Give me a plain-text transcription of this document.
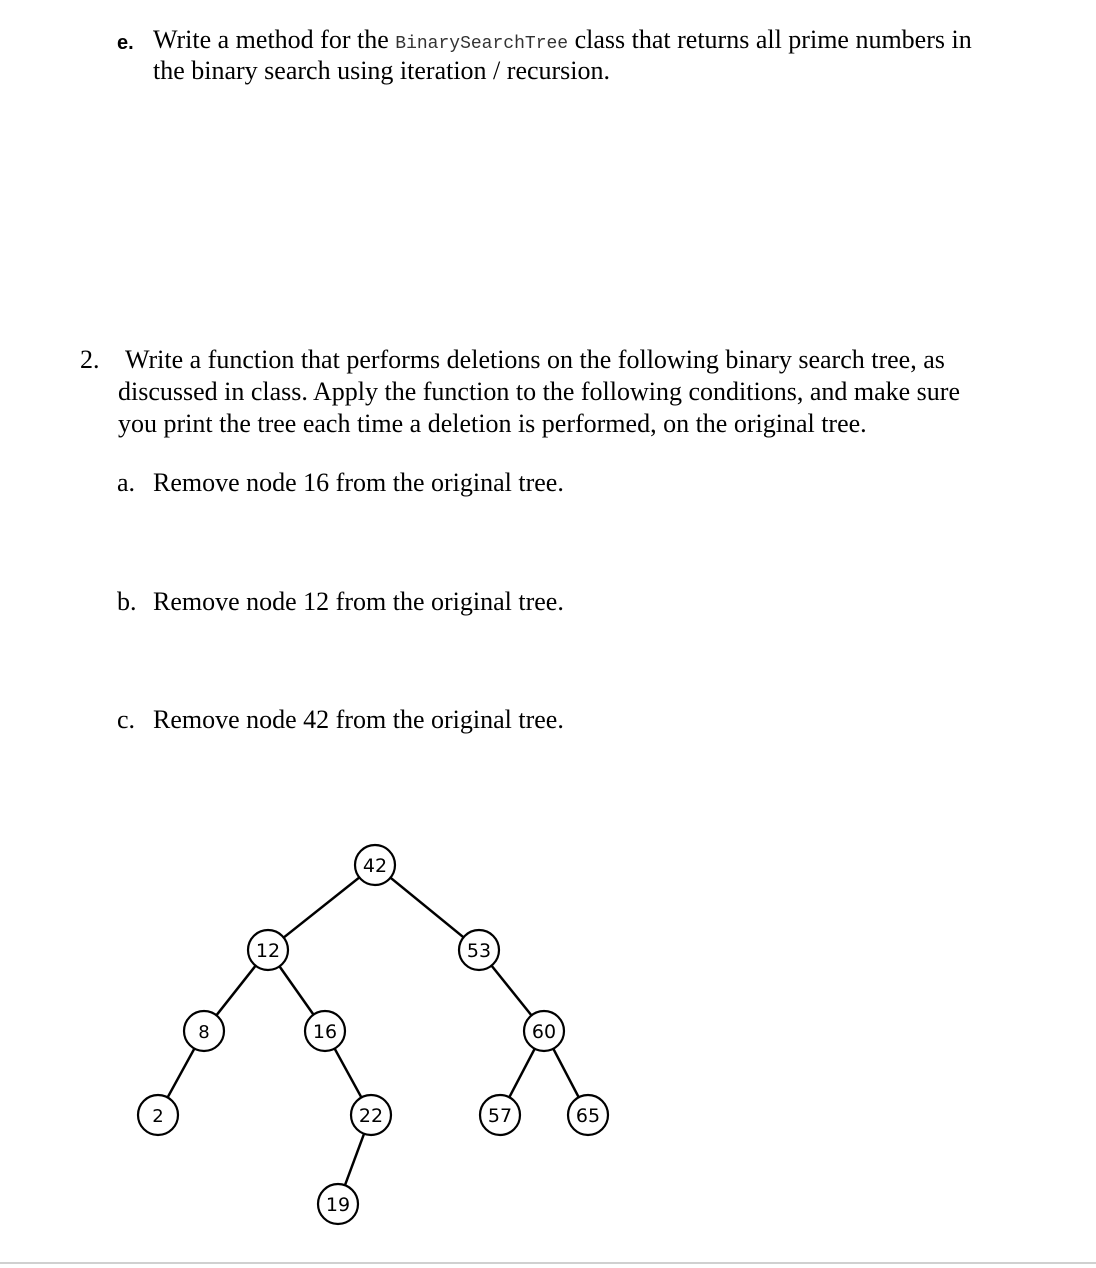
e. Write a method for the BinarySearchTree class that returns all prime numbers in
the binary search using iteration / recursion.
2. Write a function that performs deletions on the following binary search tree, as
discussed in class. Apply the function to the following conditions, and make sure
you print the tree each time a deletion is performed, on the original tree.
a. Remove node 16 from the original tree.
b. Remove node 12 from the original tree.
c. Remove node 42 from the original tree.
42
12	53
8	16	60
2	22	57	65
19
